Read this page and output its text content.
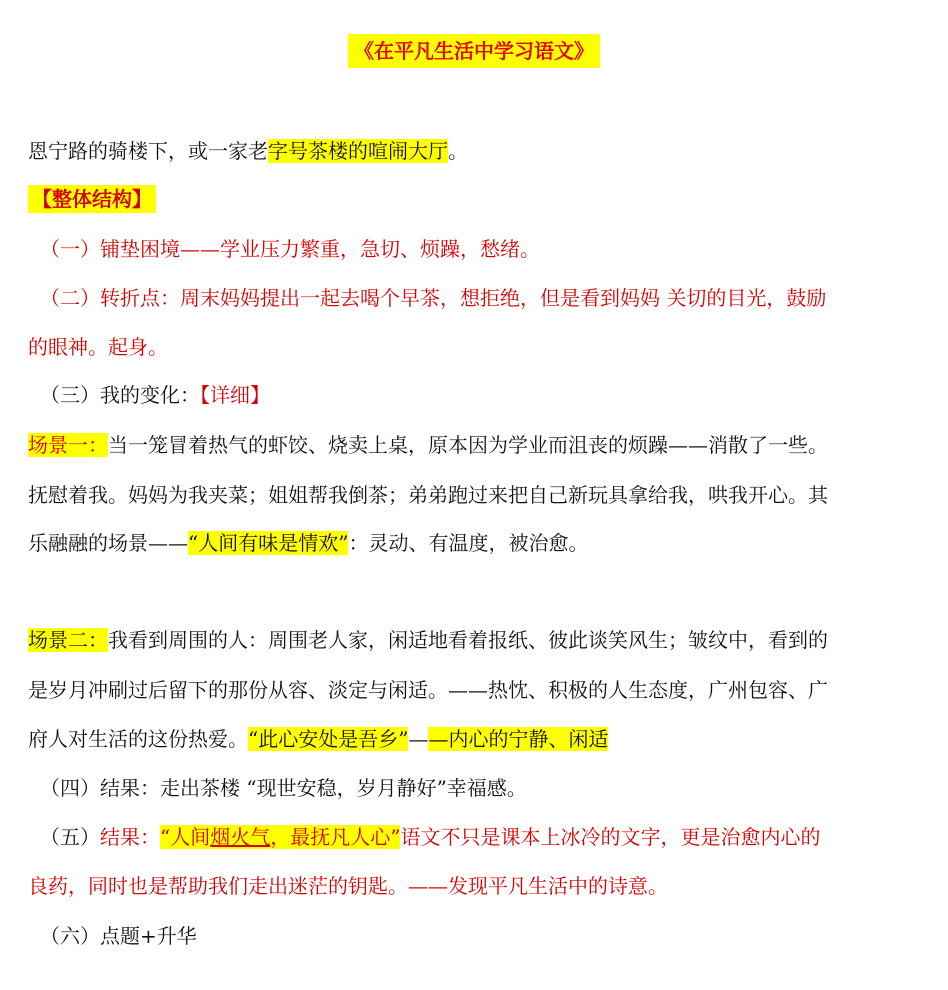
《在平凡生活中学习语文》
恩宁路的骑楼下，或一家老字号茶楼的喧闹大厅。
【整体结构】
（一）铺垫困境——学业压力繁重，急切、烦躁，愁绪。
（二）转折点：周末妈妈提出一起去喝个早茶，想拒绝，但是看到妈妈 关切的目光，鼓励
的眼神。起身。
（三）我的变化：【详细】
场景一：当一笼冒着热气的虾饺、烧卖上桌，原本因为学业而沮丧的烦躁——消散了一些。
抚慰着我。妈妈为我夹菜；姐姐帮我倒茶；弟弟跑过来把自己新玩具拿给我，哄我开心。其
乐融融的场景——“人间有味是情欢”：灵动、有温度，被治愈。
场景二：我看到周围的人：周围老人家，闲适地看着报纸、彼此谈笑风生；皱纹中，看到的
是岁月冲刷过后留下的那份从容、淡定与闲适。——热忱、积极的人生态度，广州包容、广
府人对生活的这份热爱。“此心安处是吾乡”——内心的宁静、闲适
（四）结果：走出茶楼 “现世安稳，岁月静好”幸福感。
（五）结果：“人间烟火气，最抚凡人心”语文不只是课本上冰冷的文字，更是治愈内心的
良药，同时也是帮助我们走出迷茫的钥匙。——发现平凡生活中的诗意。
（六）点题+升华
